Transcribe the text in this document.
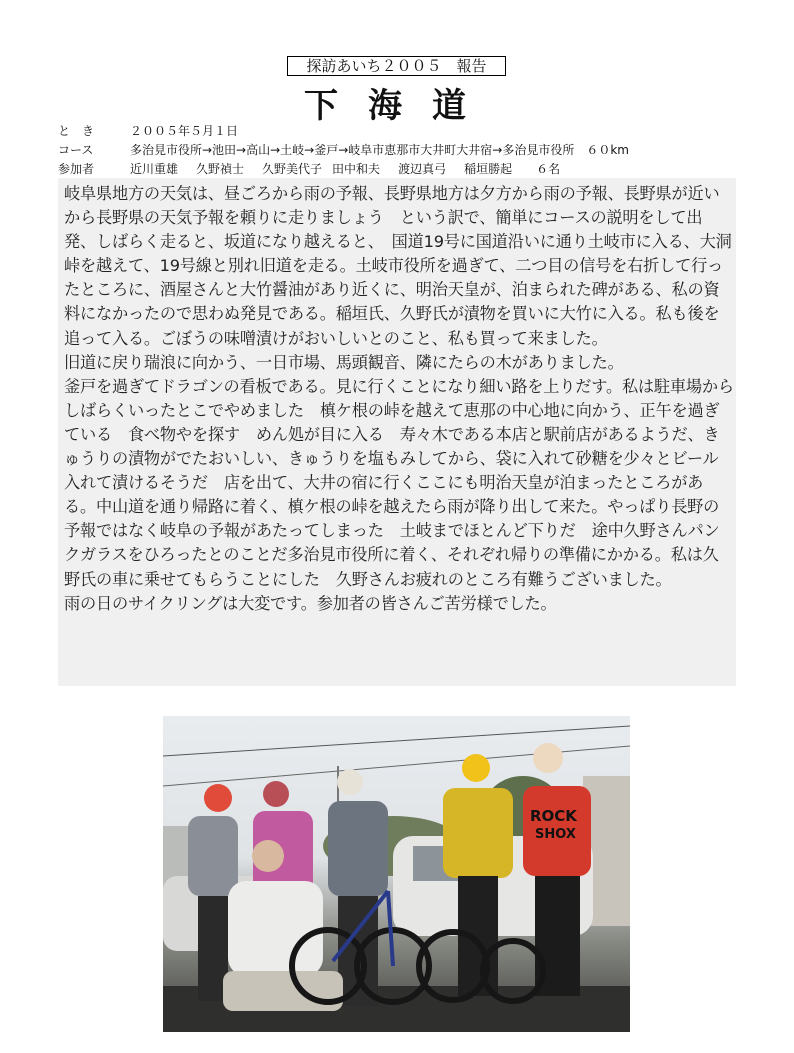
探訪あいち２００５　報告
下海道
と　き	２００５年５月１日
コース	多治見市役所→池田→高山→土岐→釜戸→岐阜市恵那市大井町大井宿→多治見市役所　６０km
参加者	近川重雄 久野禎士 久野美代子 田中和夫 渡辺真弓 稲垣勝起 ６名

岐阜県地方の天気は、昼ごろから雨の予報、長野県地方は夕方から雨の予報、長野県が近いから長野県の天気予報を頼りに走りましょう　という訳で、簡単にコースの説明をして出発、しばらく走ると、坂道になり越えると、　国道19号に国道沿いに通り土岐市に入る、大洞峠を越えて、19号線と別れ旧道を走る。土岐市役所を過ぎて、二つ目の信号を右折して行ったところに、酒屋さんと大竹醤油があり近くに、明治天皇が、泊まられた碑がある、私の資料になかったので思わぬ発見である。稲垣氏、久野氏が漬物を買いに大竹に入る。私も後を追って入る。ごぼうの味噌漬けがおいしいとのこと、私も買って来ました。

旧道に戻り瑞浪に向かう、一日市場、馬頭観音、隣にたらの木がありました。

釜戸を過ぎてドラゴンの看板である。見に行くことになり細い路を上りだす。私は駐車場からしばらくいったとこでやめました　槙ケ根の峠を越えて恵那の中心地に向かう、正午を過ぎている　食べ物やを探す　めん処が目に入る　寿々木である本店と駅前店があるようだ、きゅうりの漬物がでたおいしい、きゅうりを塩もみしてから、袋に入れて砂糖を少々とビール入れて漬けるそうだ　店を出て、大井の宿に行くここにも明治天皇が泊まったところがある。中山道を通り帰路に着く、槙ケ根の峠を越えたら雨が降り出して来た。やっぱり長野の予報ではなく岐阜の予報があたってしまった　土岐までほとんど下りだ　途中久野さんパンクガラスをひろったとのことだ多治見市役所に着く、それぞれ帰りの準備にかかる。私は久野氏の車に乗せてもらうことにした　久野さんお疲れのところ有難うございました。

雨の日のサイクリングは大変です。参加者の皆さんご苦労様でした。

ROCK
SHOX
